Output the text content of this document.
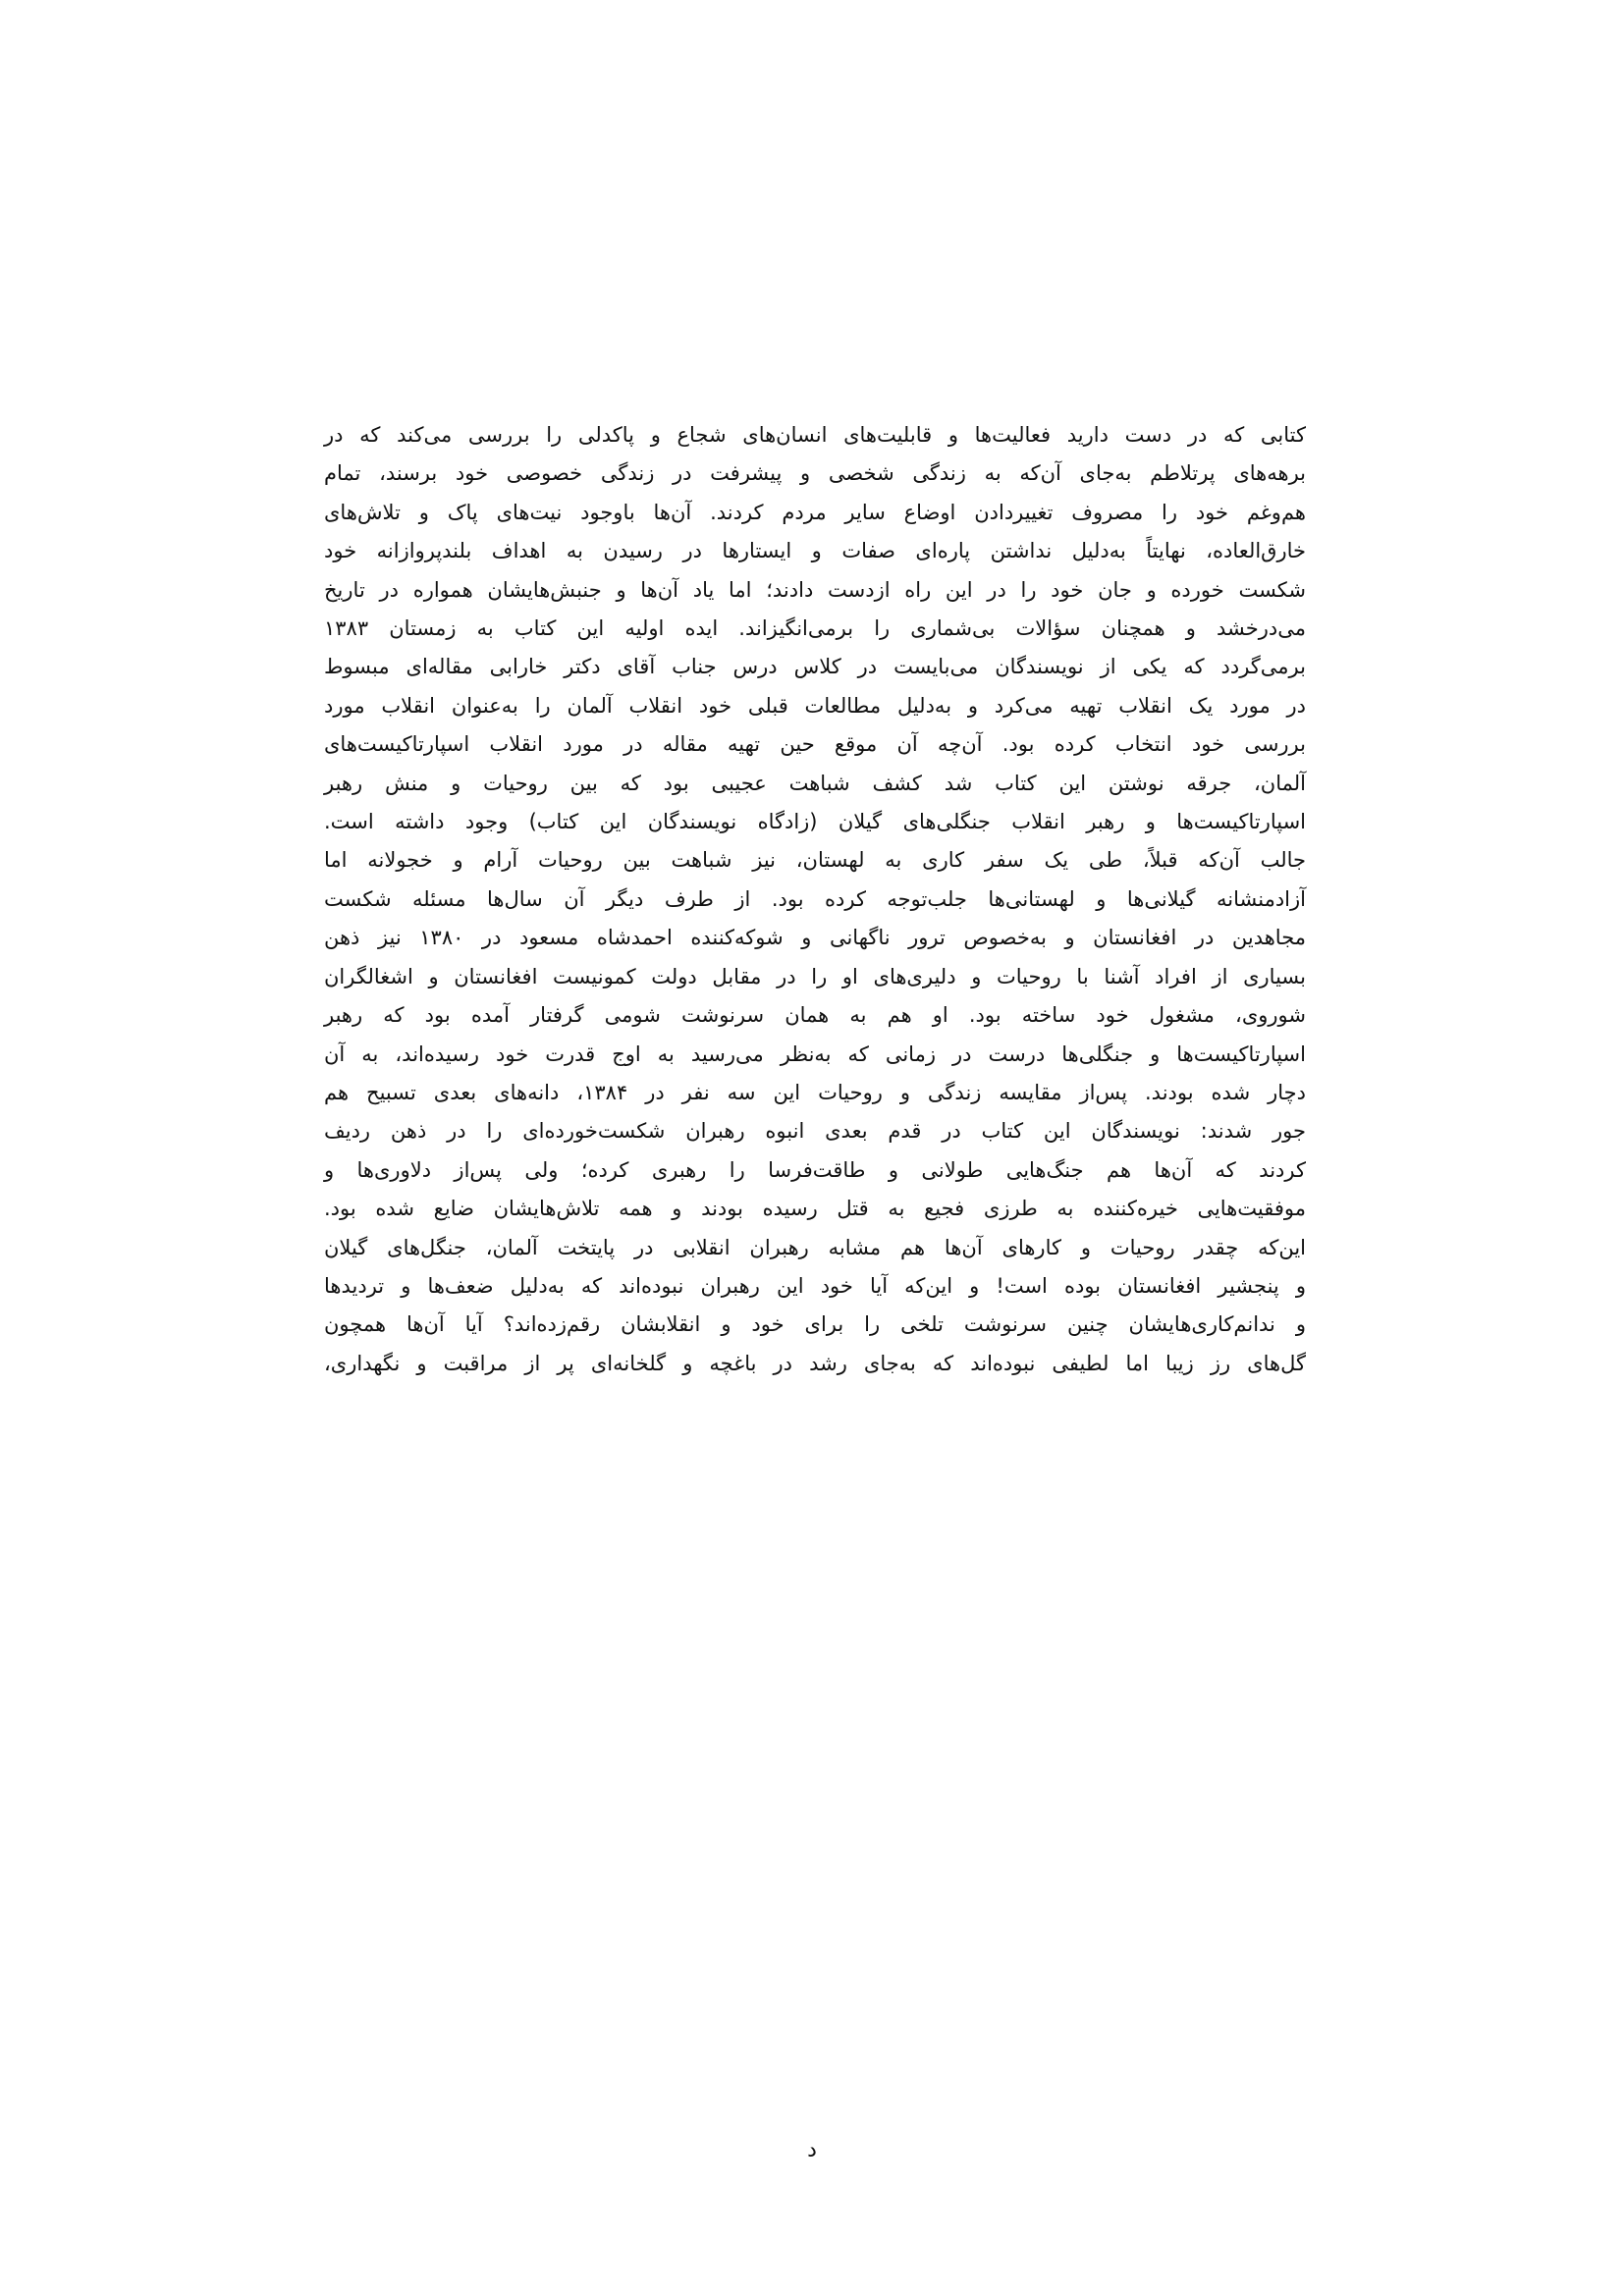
کتابی که در دست دارید فعالیت‌ها و قابلیت‌های انسان‌های شجاع و پاکدلی را بررسی می‌کند که در
برهه‌های پرتلاطم به‌جای آن‌که به زندگی شخصی و پیشرفت در زندگی خصوصی خود برسند، تمام
هم‌وغم خود را مصروف تغییردادن اوضاع سایر مردم کردند. آن‌ها باوجود نیت‌های پاک و تلاش‌های
خارق‌العاده، نهایتاً به‌دلیل نداشتن پاره‌ای صفات و ایستارها در رسیدن به اهداف بلندپروازانه خود
شکست خورده و جان خود را در این راه ازدست دادند؛ اما یاد آن‌ها و جنبش‌هایشان همواره در تاریخ
می‌درخشد و همچنان سؤالات بی‌شماری را برمی‌انگیزاند. ایده اولیه این کتاب به زمستان ۱۳۸۳
برمی‌گردد که یکی از نویسندگان می‌بایست در کلاس درس جناب آقای دکتر خارابی مقاله‌ای مبسوط
در مورد یک انقلاب تهیه می‌کرد و به‌دلیل مطالعات قبلی خود انقلاب آلمان را به‌عنوان انقلاب مورد
بررسی خود انتخاب کرده بود. آن‌چه آن موقع حین تهیه مقاله در مورد انقلاب اسپارتاکیست‌های
آلمان، جرقه نوشتن این کتاب شد کشف شباهت عجیبی بود که بین روحیات و منش رهبر
اسپارتاکیست‌ها و رهبر انقلاب جنگلی‌های گیلان (زادگاه نویسندگان این کتاب) وجود داشته است.
جالب آن‌که قبلاً، طی یک سفر کاری به لهستان، نیز شباهت بین روحیات آرام و خجولانه اما
آزادمنشانه گیلانی‌ها و لهستانی‌ها جلب‌توجه کرده بود. از طرف دیگر آن سال‌ها مسئله شکست
مجاهدین در افغانستان و به‌خصوص ترور ناگهانی و شوکه‌کننده احمدشاه مسعود در ۱۳۸۰ نیز ذهن
بسیاری از افراد آشنا با روحیات و دلیری‌های او را در مقابل دولت کمونیست افغانستان و اشغالگران
شوروی، مشغول خود ساخته بود. او هم به همان سرنوشت شومی گرفتار آمده بود که رهبر
اسپارتاکیست‌ها و جنگلی‌ها درست در زمانی که به‌نظر می‌رسید به اوج قدرت خود رسیده‌اند، به آن
دچار شده بودند. پس‌از مقایسه زندگی و روحیات این سه نفر در ۱۳۸۴، دانه‌های بعدی تسبیح هم
جور شدند: نویسندگان این کتاب در قدم بعدی انبوه رهبران شکست‌خورده‌ای را در ذهن ردیف
کردند که آن‌ها هم جنگ‌هایی طولانی و طاقت‌فرسا را رهبری کرده؛ ولی پس‌از دلاوری‌ها و
موفقیت‌هایی خیره‌کننده به طرزی فجیع به قتل رسیده بودند و همه تلاش‌هایشان ضایع شده بود.
این‌که چقدر روحیات و کارهای آن‌ها هم مشابه رهبران انقلابی در پایتخت آلمان، جنگل‌های گیلان
و پنجشیر افغانستان بوده است! و این‌که آیا خود این رهبران نبوده‌اند که به‌دلیل ضعف‌ها و تردیدها
و ندانم‌کاری‌هایشان چنین سرنوشت تلخی را برای خود و انقلابشان رقم‌زده‌اند؟ آیا آن‌ها همچون
گل‌های رز زیبا اما لطیفی نبوده‌اند که به‌جای رشد در باغچه و گلخانه‌ای پر از مراقبت و نگهداری،
د
